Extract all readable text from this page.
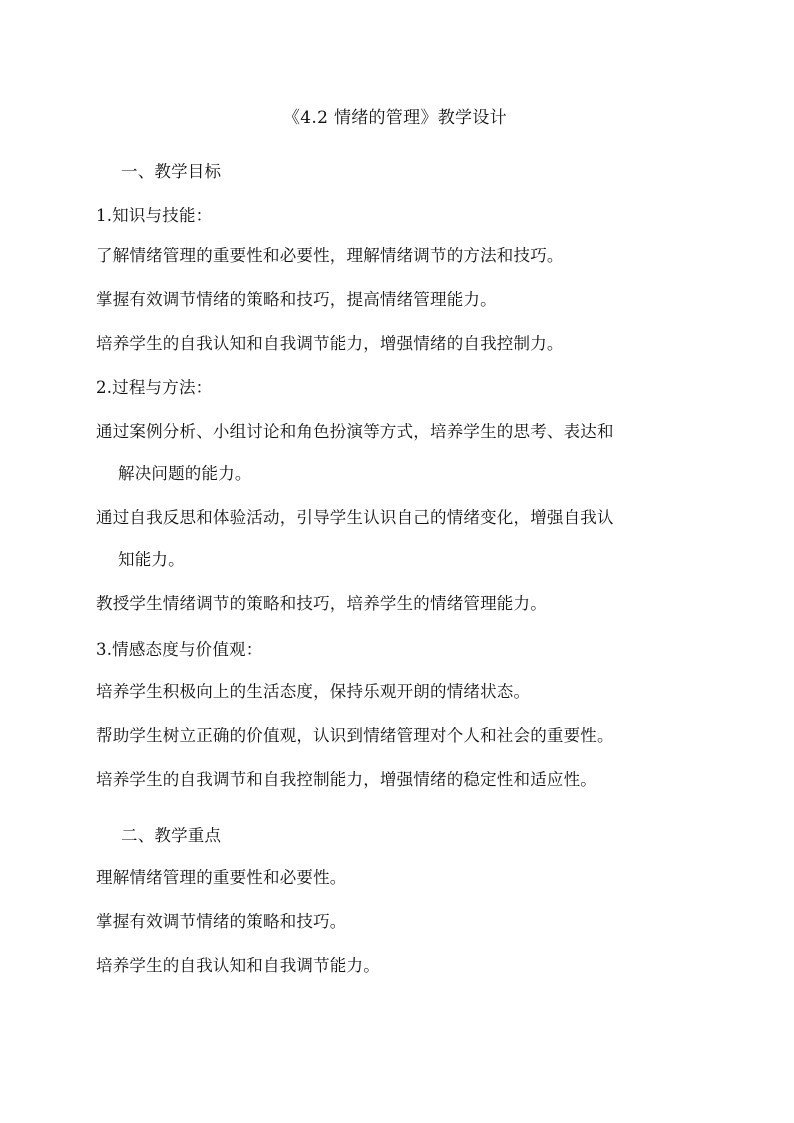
《4.2 情绪的管理》教学设计
一、教学目标
1.知识与技能：
了解情绪管理的重要性和必要性，理解情绪调节的方法和技巧。
掌握有效调节情绪的策略和技巧，提高情绪管理能力。
培养学生的自我认知和自我调节能力，增强情绪的自我控制力。
2.过程与方法：
通过案例分析、小组讨论和角色扮演等方式，培养学生的思考、表达和
解决问题的能力。
通过自我反思和体验活动，引导学生认识自己的情绪变化，增强自我认
知能力。
教授学生情绪调节的策略和技巧，培养学生的情绪管理能力。
3.情感态度与价值观：
培养学生积极向上的生活态度，保持乐观开朗的情绪状态。
帮助学生树立正确的价值观，认识到情绪管理对个人和社会的重要性。
培养学生的自我调节和自我控制能力，增强情绪的稳定性和适应性。
二、教学重点
理解情绪管理的重要性和必要性。
掌握有效调节情绪的策略和技巧。
培养学生的自我认知和自我调节能力。
